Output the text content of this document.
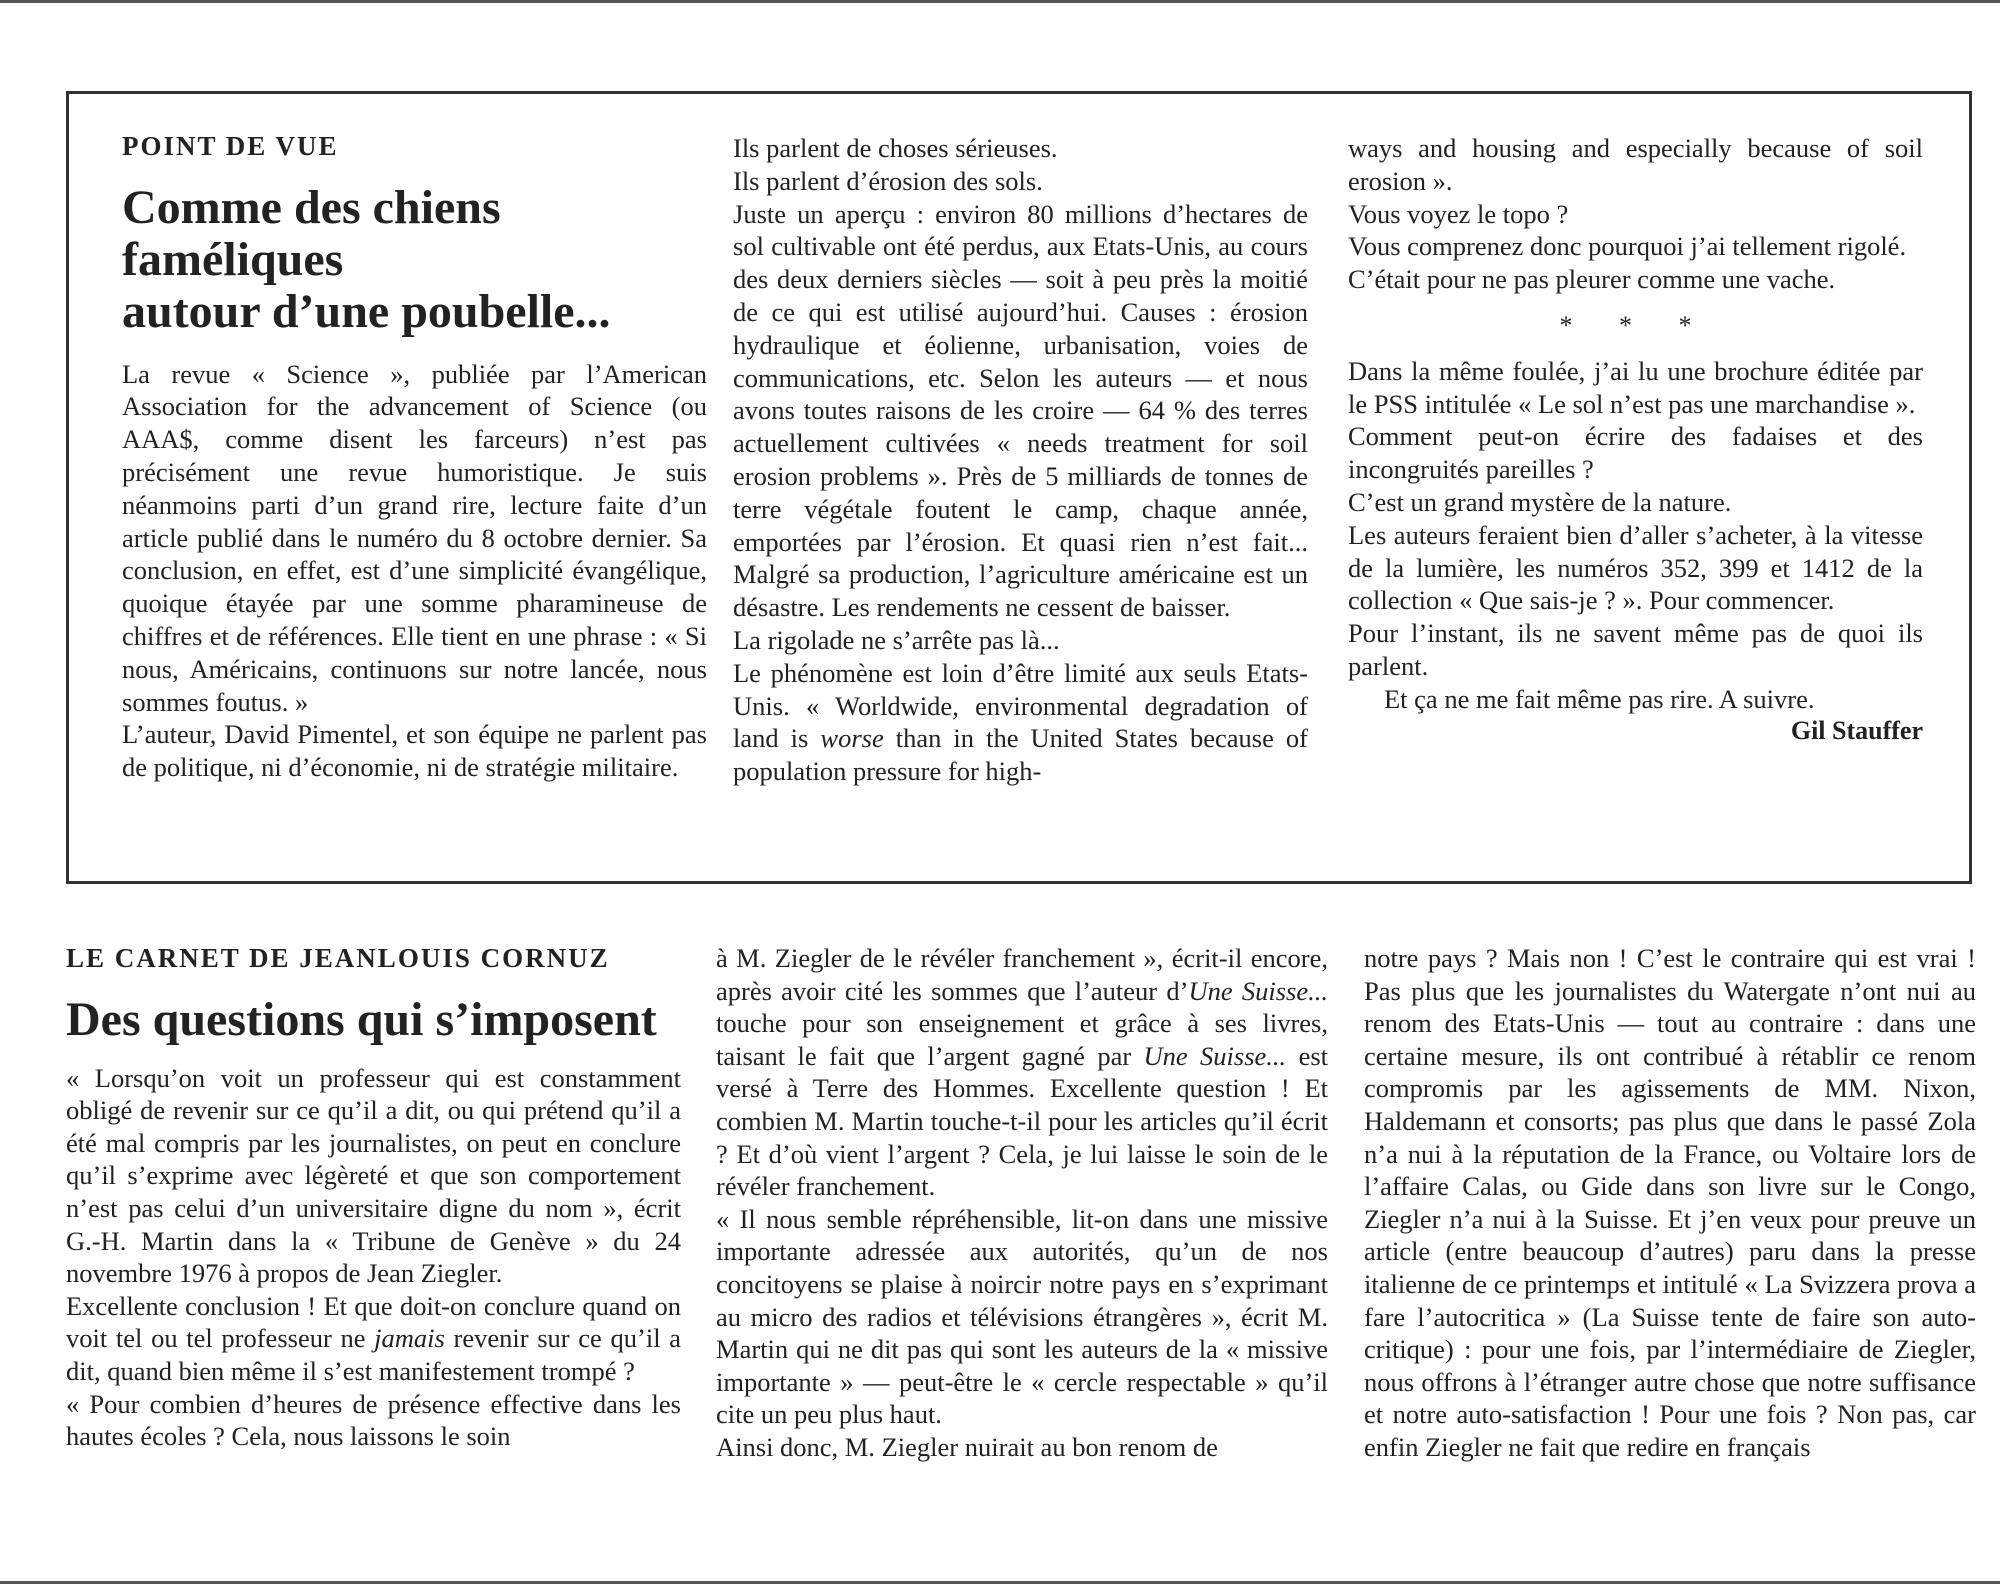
POINT DE VUE

Comme des chiens

faméliques

autour d’une poubelle...

La revue « Science », publiée par l’American Association for the advancement of Science (ou AAA$, comme disent les farceurs) n’est pas précisément une revue humoristique. Je suis néanmoins parti d’un grand rire, lecture faite d’un article publié dans le numéro du 8 octobre dernier. Sa conclusion, en effet, est d’une simplicité évangélique, quoique étayée par une somme pharamineuse de chiffres et de références. Elle tient en une phrase : « Si nous, Américains, continuons sur notre lancée, nous sommes foutus. »

L’auteur, David Pimentel, et son équipe ne parlent pas de politique, ni d’économie, ni de stratégie militaire.

Ils parlent de choses sérieuses.

Ils parlent d’érosion des sols.

Juste un aperçu : environ 80 millions d’hectares de sol cultivable ont été perdus, aux Etats-Unis, au cours des deux derniers siècles — soit à peu près la moitié de ce qui est utilisé aujourd’hui. Causes : érosion hydraulique et éolienne, urbanisation, voies de communications, etc. Selon les auteurs — et nous avons toutes raisons de les croire — 64 % des terres actuellement cultivées « needs treatment for soil erosion problems ». Près de 5 milliards de tonnes de terre végétale foutent le camp, chaque année, emportées par l’érosion. Et quasi rien n’est fait... Malgré sa production, l’agriculture américaine est un désastre. Les rendements ne cessent de baisser.

La rigolade ne s’arrête pas là...

Le phénomène est loin d’être limité aux seuls Etats-Unis. « Worldwide, environmental degradation of land is worse than in the United States because of population pressure for high-

ways and housing and especially because of soil erosion ».

Vous voyez le topo ?

Vous comprenez donc pourquoi j’ai tellement rigolé.

C’était pour ne pas pleurer comme une vache.

* * *

Dans la même foulée, j’ai lu une brochure éditée par le PSS intitulée « Le sol n’est pas une marchandise ».

Comment peut-on écrire des fadaises et des incongruités pareilles ?

C’est un grand mystère de la nature.

Les auteurs feraient bien d’aller s’acheter, à la vitesse de la lumière, les numéros 352, 399 et 1412 de la collection « Que sais-je ? ». Pour commencer.

Pour l’instant, ils ne savent même pas de quoi ils parlent.

Et ça ne me fait même pas rire. A suivre.

Gil Stauffer

LE CARNET DE JEANLOUIS CORNUZ

Des questions qui s’imposent

« Lorsqu’on voit un professeur qui est constamment obligé de revenir sur ce qu’il a dit, ou qui prétend qu’il a été mal compris par les journalistes, on peut en conclure qu’il s’exprime avec légèreté et que son comportement n’est pas celui d’un universitaire digne du nom », écrit G.-H. Martin dans la « Tribune de Genève » du 24 novembre 1976 à propos de Jean Ziegler.

Excellente conclusion ! Et que doit-on conclure quand on voit tel ou tel professeur ne jamais revenir sur ce qu’il a dit, quand bien même il s’est manifestement trompé ?

« Pour combien d’heures de présence effective dans les hautes écoles ? Cela, nous laissons le soin

à M. Ziegler de le révéler franchement », écrit-il encore, après avoir cité les sommes que l’auteur d’Une Suisse... touche pour son enseignement et grâce à ses livres, taisant le fait que l’argent gagné par Une Suisse... est versé à Terre des Hommes. Excellente question ! Et combien M. Martin touche-t-il pour les articles qu’il écrit ? Et d’où vient l’argent ? Cela, je lui laisse le soin de le révéler franchement.

« Il nous semble répréhensible, lit-on dans une missive importante adressée aux autorités, qu’un de nos concitoyens se plaise à noircir notre pays en s’exprimant au micro des radios et télévisions étrangères », écrit M. Martin qui ne dit pas qui sont les auteurs de la « missive importante » — peut-être le « cercle respectable » qu’il cite un peu plus haut.

Ainsi donc, M. Ziegler nuirait au bon renom de

notre pays ? Mais non ! C’est le contraire qui est vrai ! Pas plus que les journalistes du Watergate n’ont nui au renom des Etats-Unis — tout au contraire : dans une certaine mesure, ils ont contribué à rétablir ce renom compromis par les agissements de MM. Nixon, Haldemann et consorts; pas plus que dans le passé Zola n’a nui à la réputation de la France, ou Voltaire lors de l’affaire Calas, ou Gide dans son livre sur le Congo, Ziegler n’a nui à la Suisse. Et j’en veux pour preuve un article (entre beaucoup d’autres) paru dans la presse italienne de ce printemps et intitulé « La Svizzera prova a fare l’autocritica » (La Suisse tente de faire son auto-critique) : pour une fois, par l’intermédiaire de Ziegler, nous offrons à l’étranger autre chose que notre suffisance et notre auto-satisfaction ! Pour une fois ? Non pas, car enfin Ziegler ne fait que redire en français
